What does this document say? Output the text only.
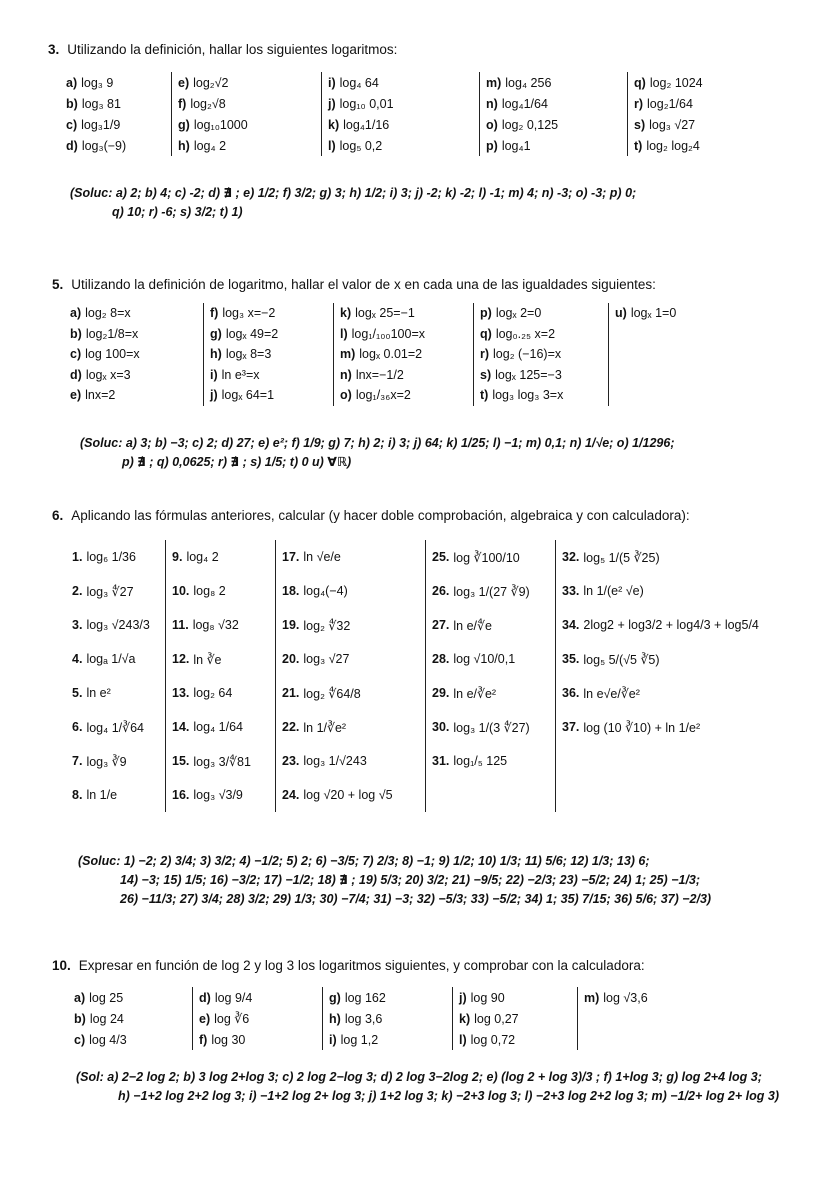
3. Utilizando la definición, hallar los siguientes logaritmos:
a) log₃ 9
b) log₃ 81
c) log₃1/9
d) log₃(−9)
e) log₂√2
f) log₂√8
g) log₁₀1000
h) log₄ 2
i) log₄ 64
j) log₁₀ 0,01
k) log₄1/16
l) log₅ 0,2
m) log₄ 256
n) log₄1/64
o) log₂ 0,125
p) log₄1
q) log₂ 1024
r) log₂1/64
s) log₃ √27
t) log₂ log₂4
(Soluc: a) 2; b) 4; c) -2; d) ∄ ; e) 1/2; f) 3/2; g) 3; h) 1/2; i) 3; j) -2; k) -2; l) -1; m) 4; n) -3; o) -3; p) 0;
q) 10; r) -6; s) 3/2; t) 1)
5. Utilizando la definición de logaritmo, hallar el valor de x en cada una de las igualdades siguientes:
a) log₂ 8=x
b) log₂1/8=x
c) log 100=x
d) logₓ x=3
e) lnx=2
f) log₃ x=−2
g) logₓ 49=2
h) logₓ 8=3
i) ln e³=x
j) logₓ 64=1
k) logₓ 25=−1
l) log₁/₁₀₀100=x
m) logₓ 0.01=2
n) lnx=−1/2
o) log₁/₃₆x=2
p) logₓ 2=0
q) log₀.₂₅ x=2
r) log₂ (−16)=x
s) logₓ 125=−3
t) log₃ log₃ 3=x
u) logₓ 1=0
(Soluc: a) 3; b) −3; c) 2; d) 27; e) e²; f) 1/9; g) 7; h) 2; i) 3; j) 64; k) 1/25; l) −1; m) 0,1; n) 1/√e; o) 1/1296;
p) ∄ ; q) 0,0625; r) ∄ ; s) 1/5; t) 0 u) ∀ℝ)
6. Aplicando las fórmulas anteriores, calcular (y hacer doble comprobación, algebraica y con calculadora):
1. log₆ 1/36
2. log₃ ∜27
3. log₃ √243/3
4. logₐ 1/√a
5. ln e²
6. log₄ 1/∛64
7. log₃ ∛9
8. ln 1/e
9. log₄ 2
10. log₈ 2
11. log₈ √32
12. ln ∛e
13. log₂ 64
14. log₄ 1/64
15. log₃ 3/∜81
16. log₃ √3/9
17. ln √e/e
18. log₄(−4)
19. log₂ ∜32
20. log₃ √27
21. log₂ ∜64/8
22. ln 1/∛e²
23. log₃ 1/√243
24. log √20 + log √5
25. log ∛100/10
26. log₃ 1/(27 ∛9)
27. ln e/∜e
28. log √10/0,1
29. ln e/∛e²
30. log₃ 1/(3 ∜27)
31. log₁/₅ 125
32. log₅ 1/(5 ∛25)
33. ln 1/(e² √e)
34. 2log2 + log3/2 + log4/3 + log5/4
35. log₅ 5/(√5 ∛5)
36. ln e√e/∛e²
37. log (10 ∛10) + ln 1/e²
(Soluc: 1) −2; 2) 3/4; 3) 3/2; 4) −1/2; 5) 2; 6) −3/5; 7) 2/3; 8) −1; 9) 1/2; 10) 1/3; 11) 5/6; 12) 1/3; 13) 6;
14) −3; 15) 1/5; 16) −3/2; 17) −1/2; 18) ∄ ; 19) 5/3; 20) 3/2; 21) −9/5; 22) −2/3; 23) −5/2; 24) 1; 25) −1/3;
26) −11/3; 27) 3/4; 28) 3/2; 29) 1/3; 30) −7/4; 31) −3; 32) −5/3; 33) −5/2; 34) 1; 35) 7/15; 36) 5/6; 37) −2/3)
10. Expresar en función de log 2 y log 3 los logaritmos siguientes, y comprobar con la calculadora:
a) log 25
b) log 24
c) log 4/3
d) log 9/4
e) log ∛6
f) log 30
g) log 162
h) log 3,6
i) log 1,2
j) log 90
k) log 0,27
l) log 0,72
m) log √3,6
(Sol: a) 2−2 log 2; b) 3 log 2+log 3; c) 2 log 2−log 3; d) 2 log 3−2log 2; e) (log 2 + log 3)/3 ; f) 1+log 3; g) log 2+4 log 3;
h) −1+2 log 2+2 log 3; i) −1+2 log 2+ log 3; j) 1+2 log 3; k) −2+3 log 3; l) −2+3 log 2+2 log 3; m) −1/2+ log 2+ log 3)
